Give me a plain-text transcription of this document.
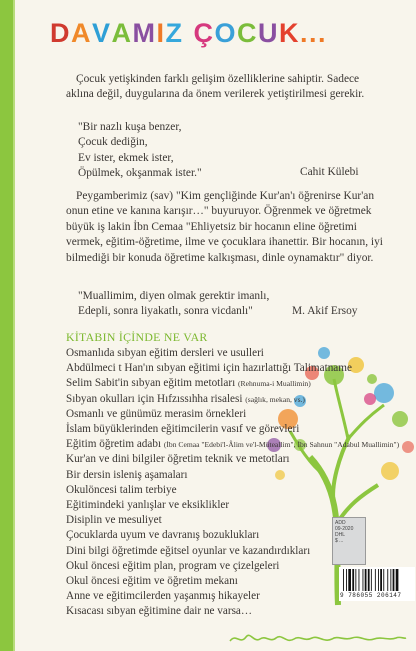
DAVAMIZ ÇOCUK...
Çocuk yetişkinden farklı gelişim özelliklerine sahiptir. Sadece aklına değil, duygularına da önem verilerek yetiştirilmesi gerekir.
"Bir nazlı kuşa benzer,
Çocuk dediğin,
Ev ister, ekmek ister,
Öpülmek, okşanmak ister."	Cahit Külebi
Peygamberimiz (sav) "Kim gençliğinde Kur'an'ı öğrenirse Kur'an onun etine ve kanına karışır…" buyuruyor. Öğrenmek ve öğretmek büyük iş lakin İbn Cemaa "Ehliyetsiz bir hocanın eline öğretimi vermek, eğitim-öğretime, ilme ve çocuklara ihanettir. Bir hocanın, iyi bilmediği bir konuda öğretime kalkışması, dinle oynamaktır" diyor.
"Muallimim, diyen olmak gerektir imanlı,
Edepli, sonra liyakatlı, sonra vicdanlı"	M. Akif Ersoy
KİTABIN İÇİNDE NE VAR
Osmanlıda sıbyan eğitim dersleri ve usulleri
Abdülmeci t Han'ın sıbyan eğitimi için hazırlattığı Talimatname
Selim Sabit'in sıbyan eğitim metotları (Rehnuma-i Muallimin)
Sıbyan okulları için Hıfzıssıhha risalesi (sağlık, mekan, vs.)
Osmanlı ve günümüz merasim örnekleri
İslam büyüklerinden eğitimcilerin vasıf ve görevleri
Eğitim öğretim adabı (İbn Cemaa "Edebi'l-Âlim ve'l-Müteallim", İbn Sahnun "Adabul Muallimin")
Kur'an ve dini bilgiler öğretim teknik ve metotları
Bir dersin isleniş aşamaları
Okulöncesi talim terbiye
Eğitimindeki yanlışlar ve eksiklikler
Disiplin ve mesuliyet
Çocuklarda uyum ve davranış bozuklukları
Dini bilgi öğretimde eğitsel oyunlar ve kazandırdıkları
Okul öncesi eğitim plan, program ve çizelgeleri
Okul öncesi eğitim ve öğretim mekanı
Anne ve eğitimcilerden yaşanmış hikayeler
Kısacası sıbyan eğitimine dair ne varsa…
ADD
09-2020
DHL
$ ...
9 786055 206147
